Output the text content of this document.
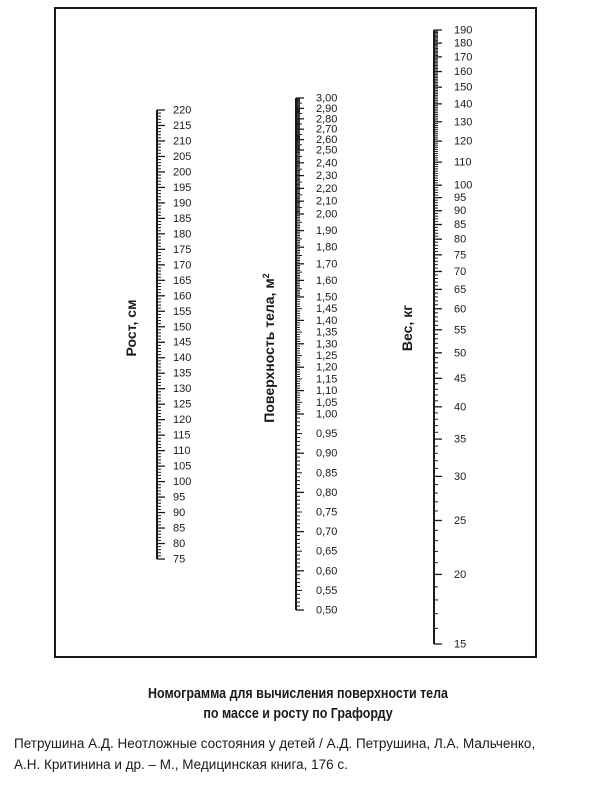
75
80
85
90
95
100
105
110
115
120
125
130
135
140
145
150
155
160
165
170
175
180
185
190
195
200
205
210
215
220
Рост, см
0,50
0,55
0,60
0,65
0,70
0,75
0,80
0,85
0,90
0,95
1,00
1,05
1,10
1,15
1,20
1,25
1,30
1,35
1,40
1,45
1,50
1,60
1,70
1,80
1,90
2,00
2,10
2,20
2,30
2,40
2,50
2,60
2,70
2,80
2,90
3,00
Поверхность тела, $м^2$
15
20
25
30
35
40
45
50
55
60
65
70
75
80
85
90
95
100
110
120
130
140
150
160
170
180
190
Вес, кг
Номограмма для вычисления поверхности тела
по массе и росту по Графорду
Петрушина А.Д. Неотложные состояния у детей / А.Д. Петрушина, Л.А. Мальченко,
А.Н. Критинина и др. – М., Медицинская книга, 176 с.
